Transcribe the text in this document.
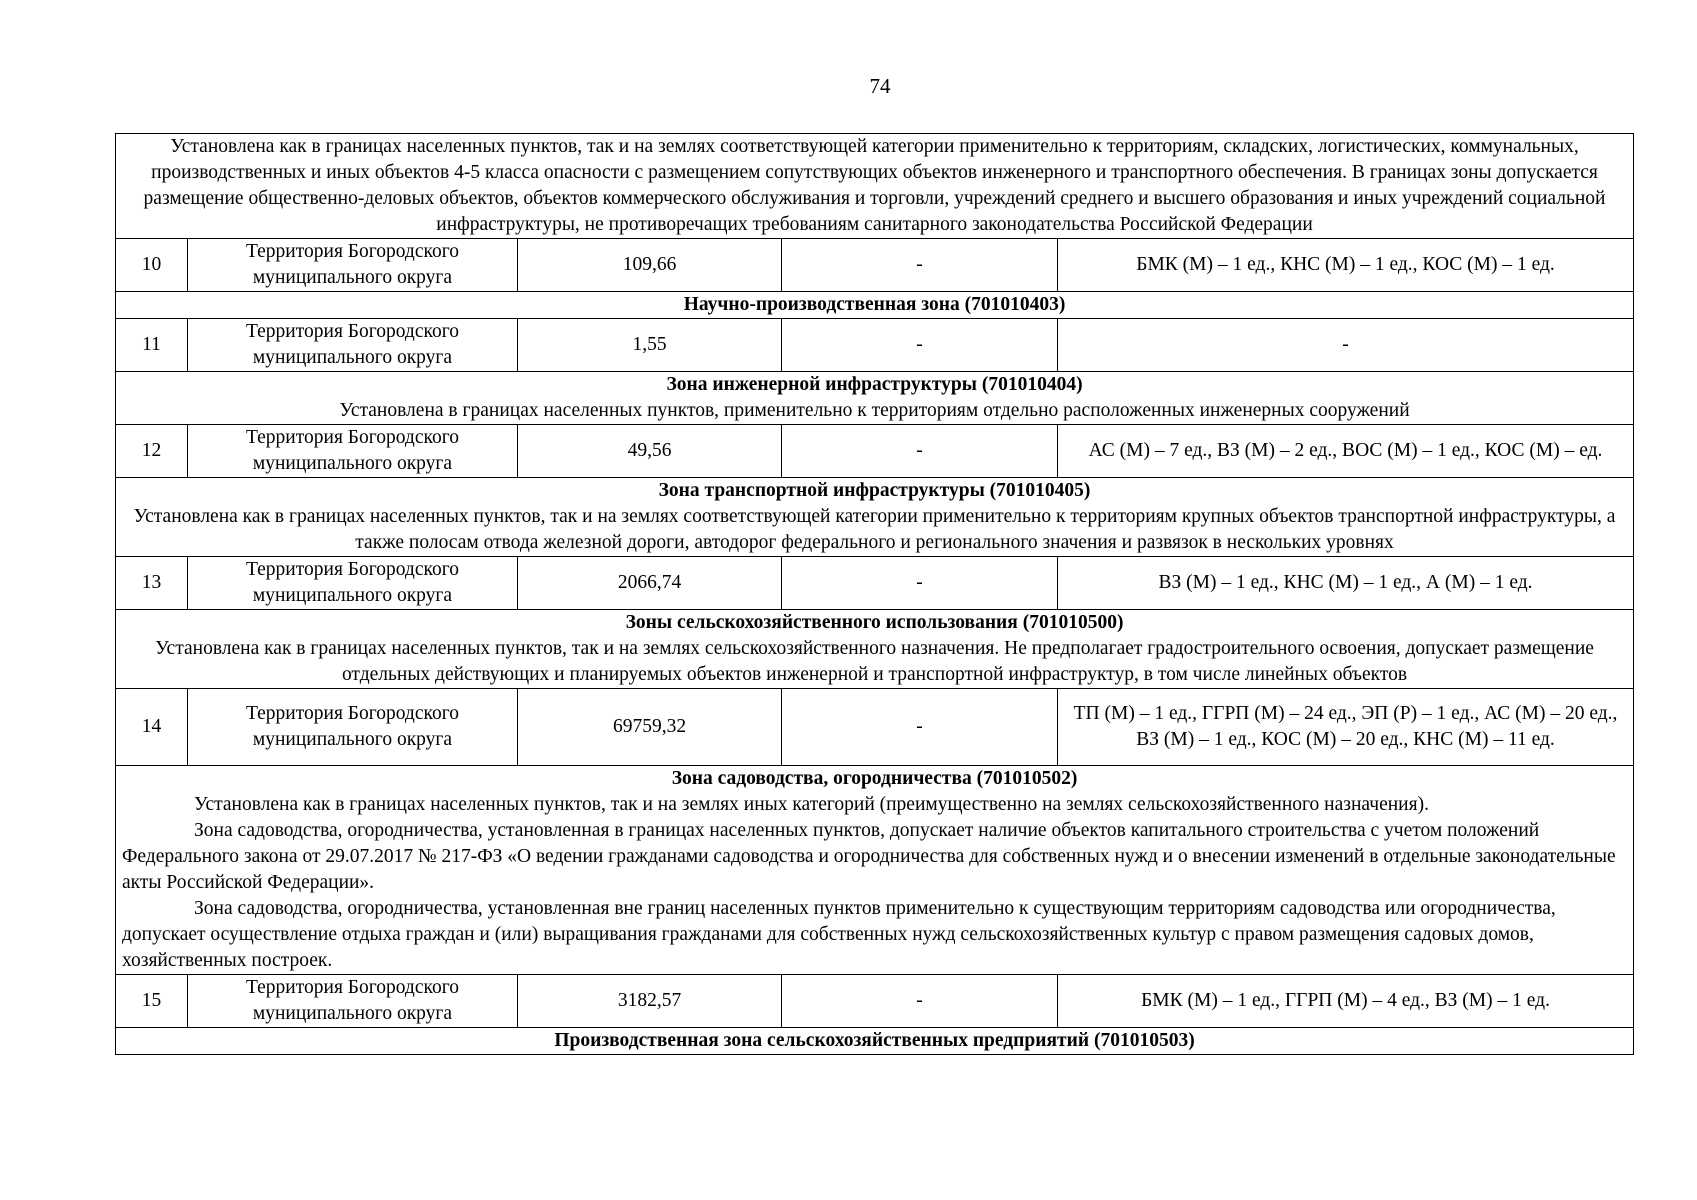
74
Установлена как в границах населенных пунктов, так и на землях соответствующей категории применительно к территориям, складских, логистических, коммунальных, производственных и иных объектов 4-5 класса опасности с размещением сопутствующих объектов инженерного и транспортного обеспечения. В границах зоны допускается размещение общественно-деловых объектов, объектов коммерческого обслуживания и торговли, учреждений среднего и высшего образования и иных учреждений социальной инфраструктуры, не противоречащих требованиям санитарного законодательства Российской Федерации				
10	Территория Богородского муниципального округа	109,66	-	БМК (М) – 1 ед., КНС (М) – 1 ед., КОС (М) – 1 ед.
Научно-производственная зона (701010403)				
11	Территория Богородского муниципального округа	1,55	-	-

Зона инженерной инфраструктуры (701010404)
Установлена в границах населенных пунктов, применительно к территориям отдельно расположенных инженерных сооружений				

12	Территория Богородского муниципального округа	49,56	-	АС (М) – 7 ед., ВЗ (М) – 2 ед., ВОС (М) – 1 ед., КОС (М) – ед.

Зона транспортной инфраструктуры (701010405)
Установлена как в границах населенных пунктов, так и на землях соответствующей категории применительно к территориям крупных объектов транспортной инфраструктуры, а также полосам отвода железной дороги, автодорог федерального и регионального значения и развязок в нескольких уровнях				

13	Территория Богородского муниципального округа	2066,74	-	ВЗ (М) – 1 ед., КНС (М) – 1 ед., А (М) – 1 ед.

Зоны сельскохозяйственного использования (701010500)
Установлена как в границах населенных пунктов, так и на землях сельскохозяйственного назначения. Не предполагает градостроительного освоения, допускает размещение отдельных действующих и планируемых объектов инженерной и транспортной инфраструктур, в том числе линейных объектов				

14	Территория Богородского муниципального округа	69759,32	-	ТП (М) – 1 ед., ГГРП (М) – 24 ед., ЭП (Р) – 1 ед., АС (М) – 20 ед., ВЗ (М) – 1 ед., КОС (М) – 20 ед., КНС (М) – 11 ед.

Зона садоводства, огородничества (701010502)

Установлена как в границах населенных пунктов, так и на землях иных категорий (преимущественно на землях сельскохозяйственного назначения).

Зона садоводства, огородничества, установленная в границах населенных пунктов, допускает наличие объектов капитального строительства с учетом положений Федерального закона от 29.07.2017 № 217-ФЗ «О ведении гражданами садоводства и огородничества для собственных нужд и о внесении изменений в отдельные законодательные акты Российской Федерации».

Зона садоводства, огородничества, установленная вне границ населенных пунктов применительно к существующим территориям садоводства или огородничества, допускает осуществление отдыха граждан и (или) выращивания гражданами для собственных нужд сельскохозяйственных культур с правом размещения садовых домов, хозяйственных построек.				

15	Территория Богородского муниципального округа	3182,57	-	БМК (М) – 1 ед., ГГРП (М) – 4 ед., ВЗ (М) – 1 ед.
Производственная зона сельскохозяйственных предприятий (701010503)				
